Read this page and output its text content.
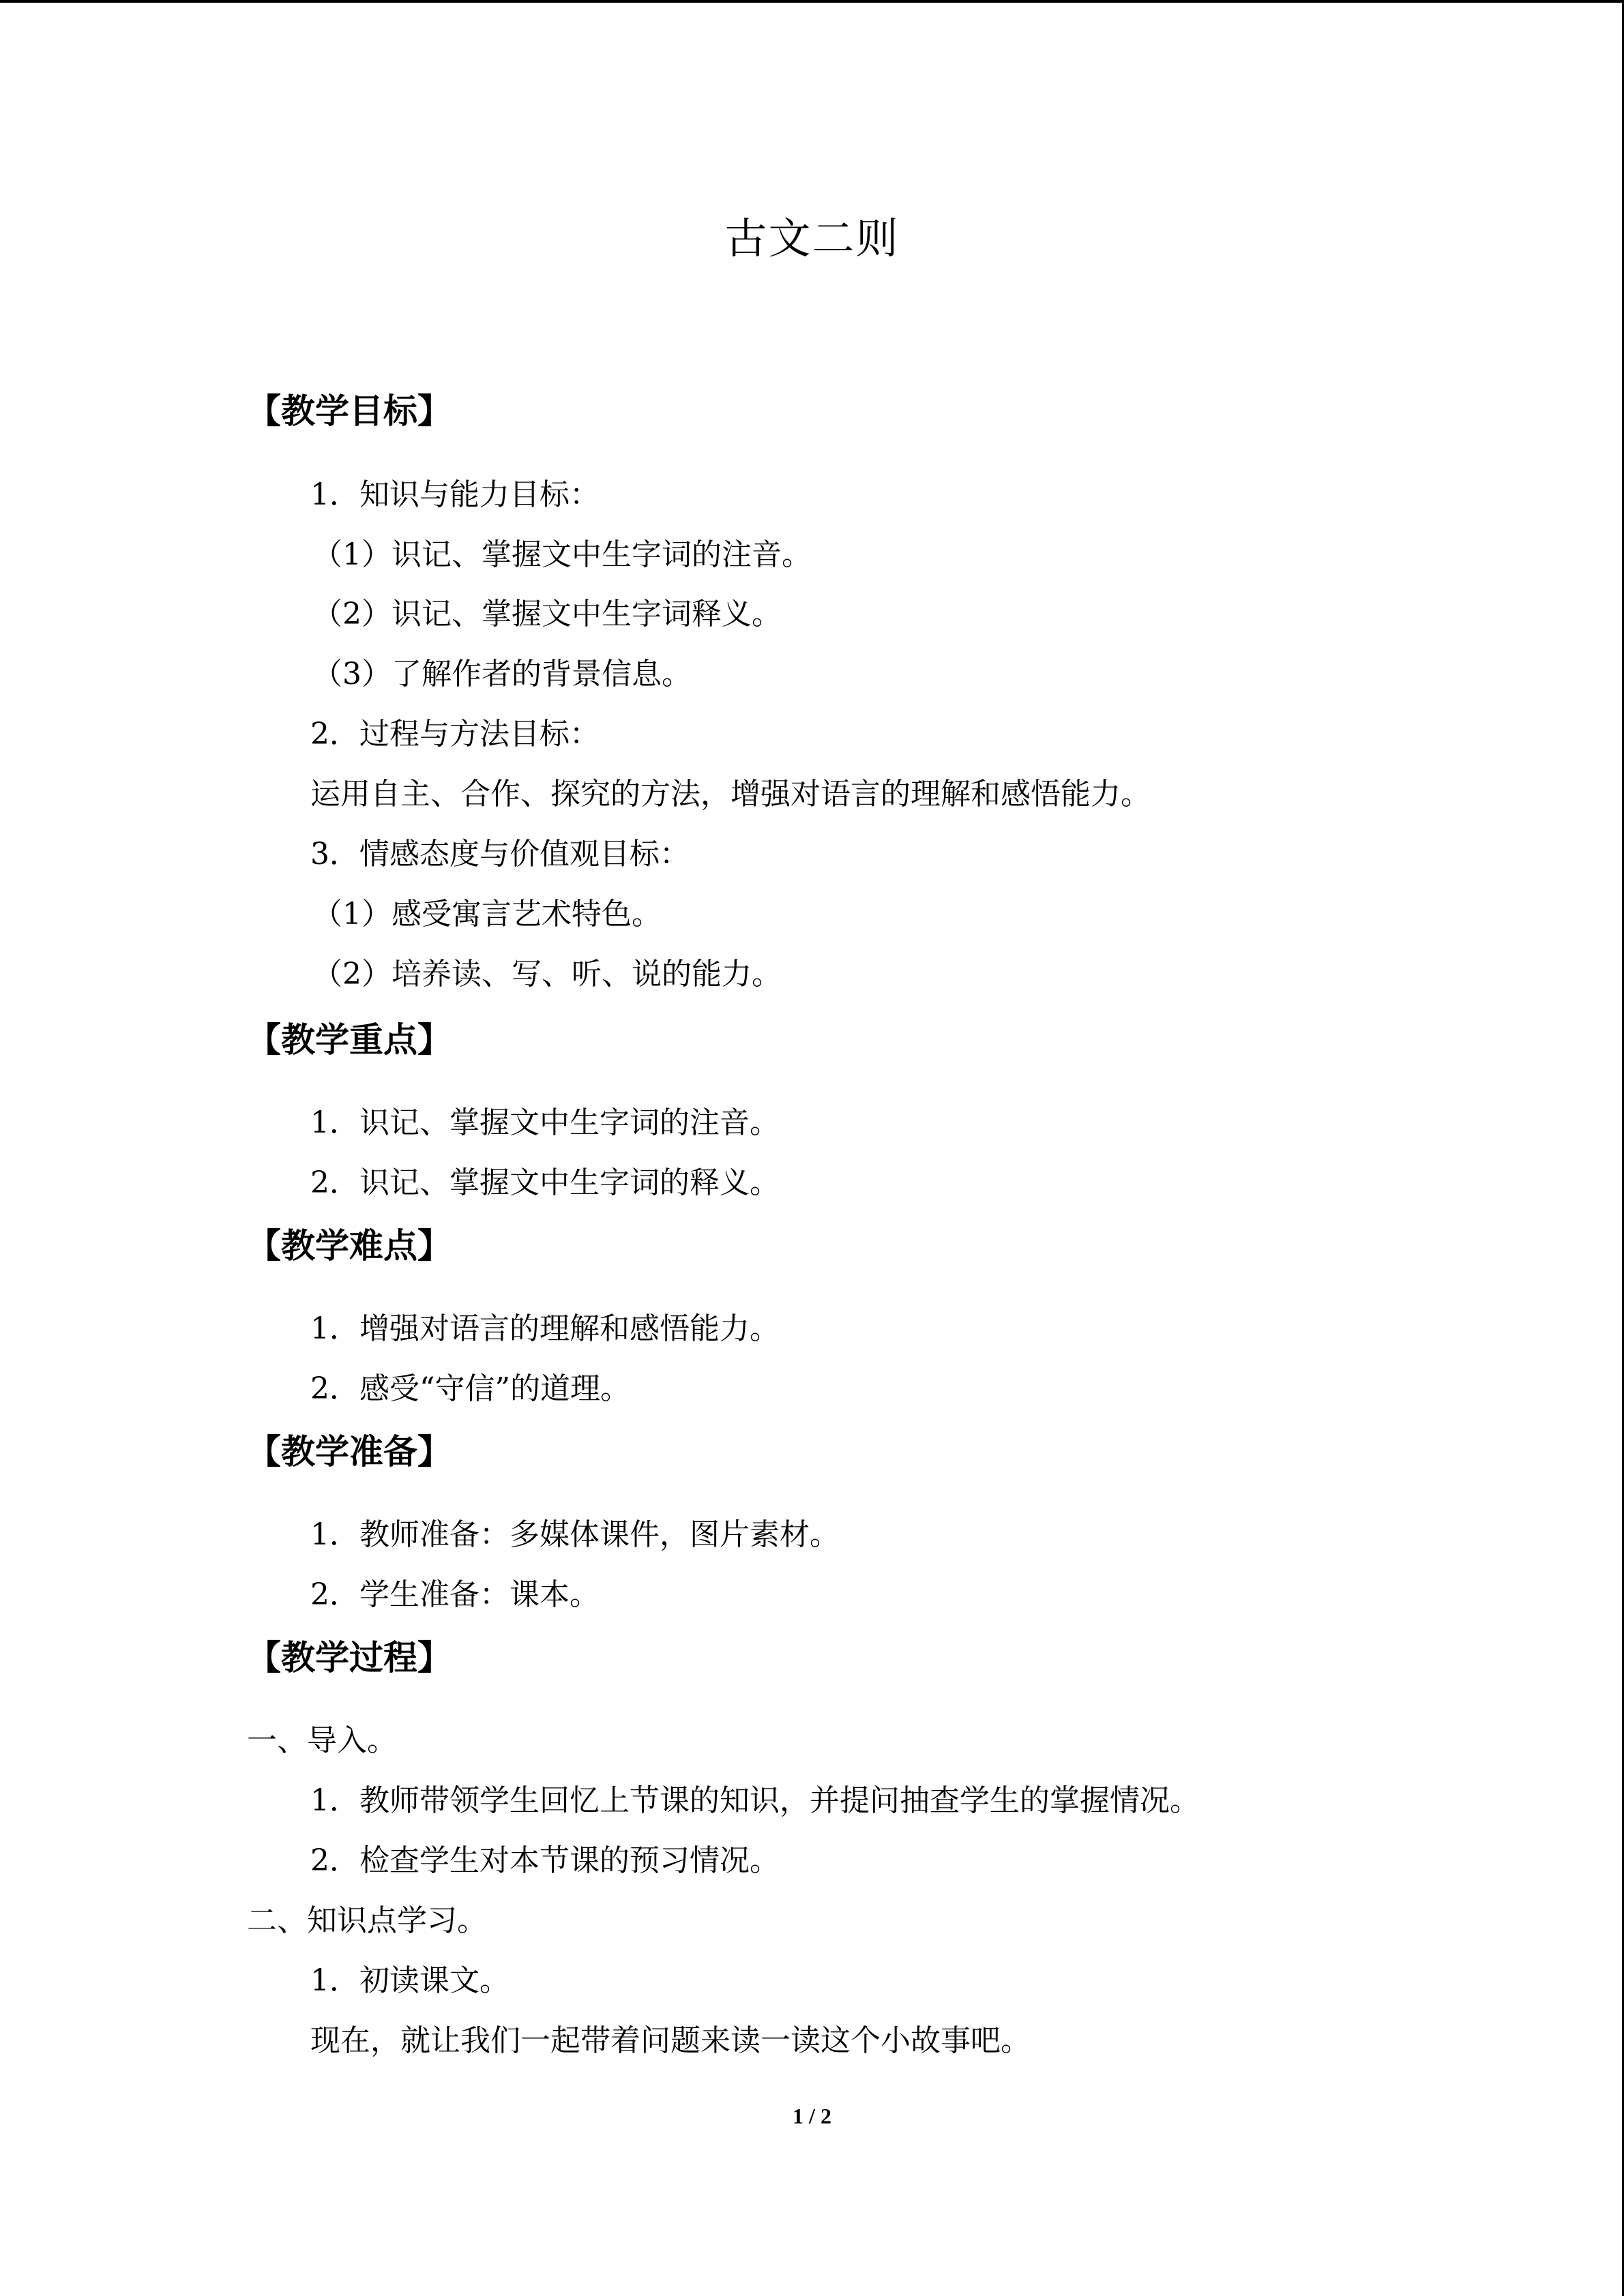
古文二则
【教学目标】
1．知识与能力目标：
（1）识记、掌握文中生字词的注音。
（2）识记、掌握文中生字词释义。
（3）了解作者的背景信息。
2．过程与方法目标：
运用自主、合作、探究的方法，增强对语言的理解和感悟能力。
3．情感态度与价值观目标：
（1）感受寓言艺术特色。
（2）培养读、写、听、说的能力。
【教学重点】
1．识记、掌握文中生字词的注音。
2．识记、掌握文中生字词的释义。
【教学难点】
1．增强对语言的理解和感悟能力。
2．感受“守信”的道理。
【教学准备】
1．教师准备：多媒体课件，图片素材。
2．学生准备：课本。
【教学过程】
一、导入。
1．教师带领学生回忆上节课的知识，并提问抽查学生的掌握情况。
2．检查学生对本节课的预习情况。
二、知识点学习。
1．初读课文。
现在，就让我们一起带着问题来读一读这个小故事吧。
1 / 2
